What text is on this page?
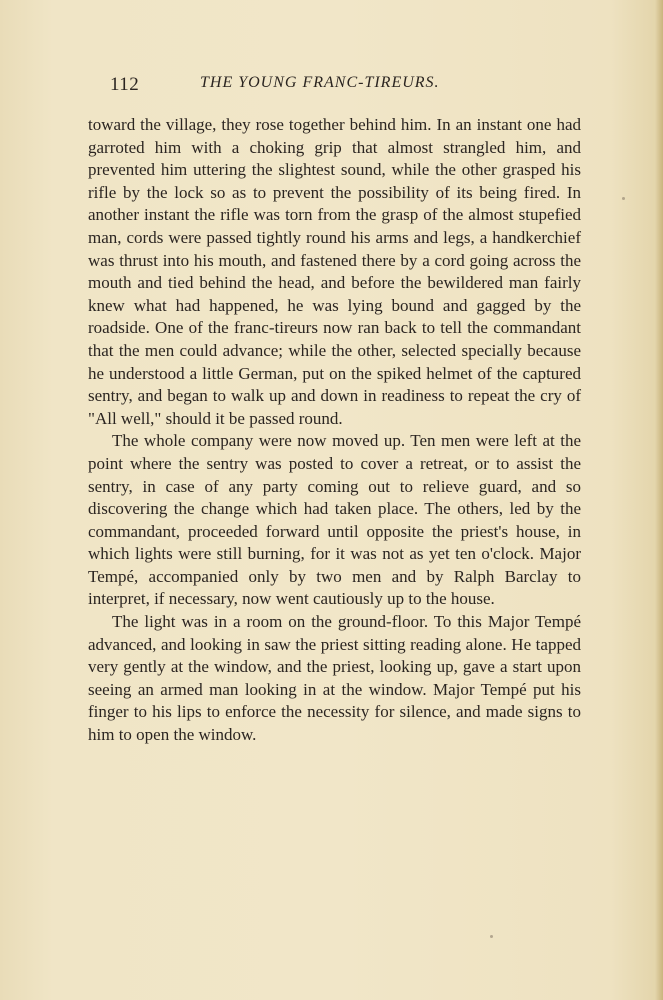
112	THE YOUNG FRANC-TIREURS.

toward the village, they rose together behind him. In an instant one had garroted him with a choking grip that almost strangled him, and prevented him uttering the slightest sound, while the other grasped his rifle by the lock so as to prevent the possibility of its being fired. In another instant the rifle was torn from the grasp of the almost stupefied man, cords were passed tightly round his arms and legs, a handkerchief was thrust into his mouth, and fastened there by a cord going across the mouth and tied behind the head, and before the bewildered man fairly knew what had happened, he was lying bound and gagged by the roadside. One of the franc-tireurs now ran back to tell the commandant that the men could advance; while the other, selected specially because he understood a little German, put on the spiked helmet of the captured sentry, and began to walk up and down in readiness to repeat the cry of "All well," should it be passed round.

The whole company were now moved up. Ten men were left at the point where the sentry was posted to cover a retreat, or to assist the sentry, in case of any party coming out to relieve guard, and so discovering the change which had taken place. The others, led by the commandant, proceeded forward until opposite the priest's house, in which lights were still burning, for it was not as yet ten o'clock. Major Tempé, accompanied only by two men and by Ralph Barclay to interpret, if necessary, now went cautiously up to the house.

The light was in a room on the ground-floor. To this Major Tempé advanced, and looking in saw the priest sitting reading alone. He tapped very gently at the window, and the priest, looking up, gave a start upon seeing an armed man looking in at the window. Major Tempé put his finger to his lips to enforce the necessity for silence, and made signs to him to open the window.
